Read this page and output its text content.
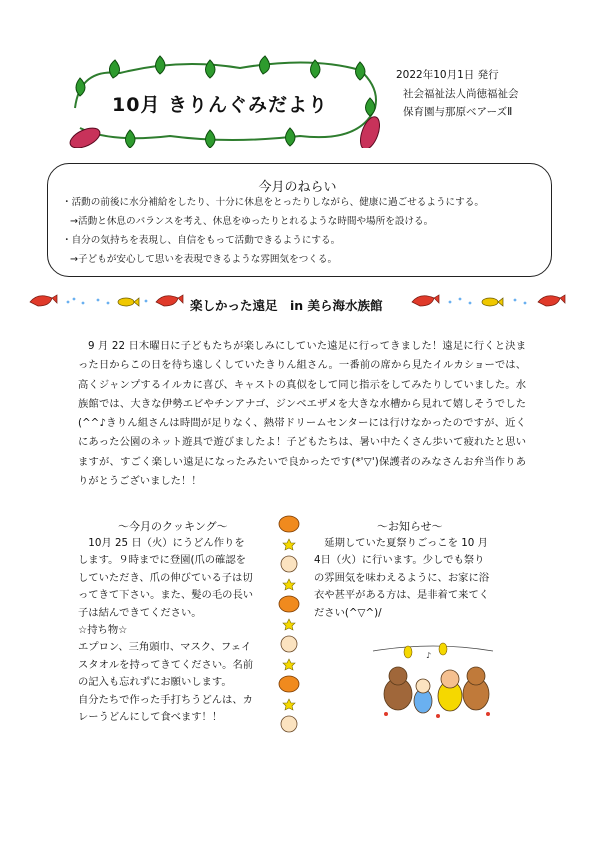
10月 きりんぐみだより
2022年10月1日 発行
社会福祉法人尚徳福祉会
保育園与那原ベアーズⅡ
今月のねらい
・活動の前後に水分補給をしたり、十分に休息をとったりしながら、健康に過ごせるようにする。
→活動と休息のバランスを考え、休息をゆったりとれるような時間や場所を設ける。
・自分の気持ちを表現し、自信をもって活動できるようにする。
→子どもが安心して思いを表現できるような雰囲気をつくる。
楽しかった遠足　in 美ら海水族館
9 月 22 日木曜日に子どもたちが楽しみにしていた遠足に行ってきました！遠足に行くと決まった日からこの日を待ち遠しくしていたきりん組さん。一番前の席から見たイルカショーでは、高くジャンプするイルカに喜び、キャストの真似をして同じ指示をしてみたりしていました。水族館では、大きな伊勢エビやチンアナゴ、ジンベエザメを大きな水槽から見れて嬉しそうでした(^^♪きりん組さんは時間が足りなく、熱帯ドリームセンターには行けなかったのですが、近くにあった公園のネット遊具で遊びましたよ！子どもたちは、暑い中たくさん歩いて疲れたと思いますが、すごく楽しい遠足になったみたいで良かったです(*'▽')保護者のみなさんお弁当作りありがとうございました！！
～今月のクッキング～
　10月 25 日（火）にうどん作りを
します。９時までに登園(爪の確認を
していただき、爪の伸びている子は切
ってきて下さい。また、髪の毛の長い
子は結んできてください。
☆持ち物☆
エプロン、三角頭巾、マスク、フェイ
スタオルを持ってきてください。名前
の記入も忘れずにお願いします。
自分たちで作った手打ちうどんは、カ
レーうどんにして食べます！！
～お知らせ～
　延期していた夏祭りごっこを 10 月
4日（火）に行います。少しでも祭り
の雰囲気を味わえるように、お家に浴
衣や甚平がある方は、是非着て来てく
ださい(^▽^)/
♪
